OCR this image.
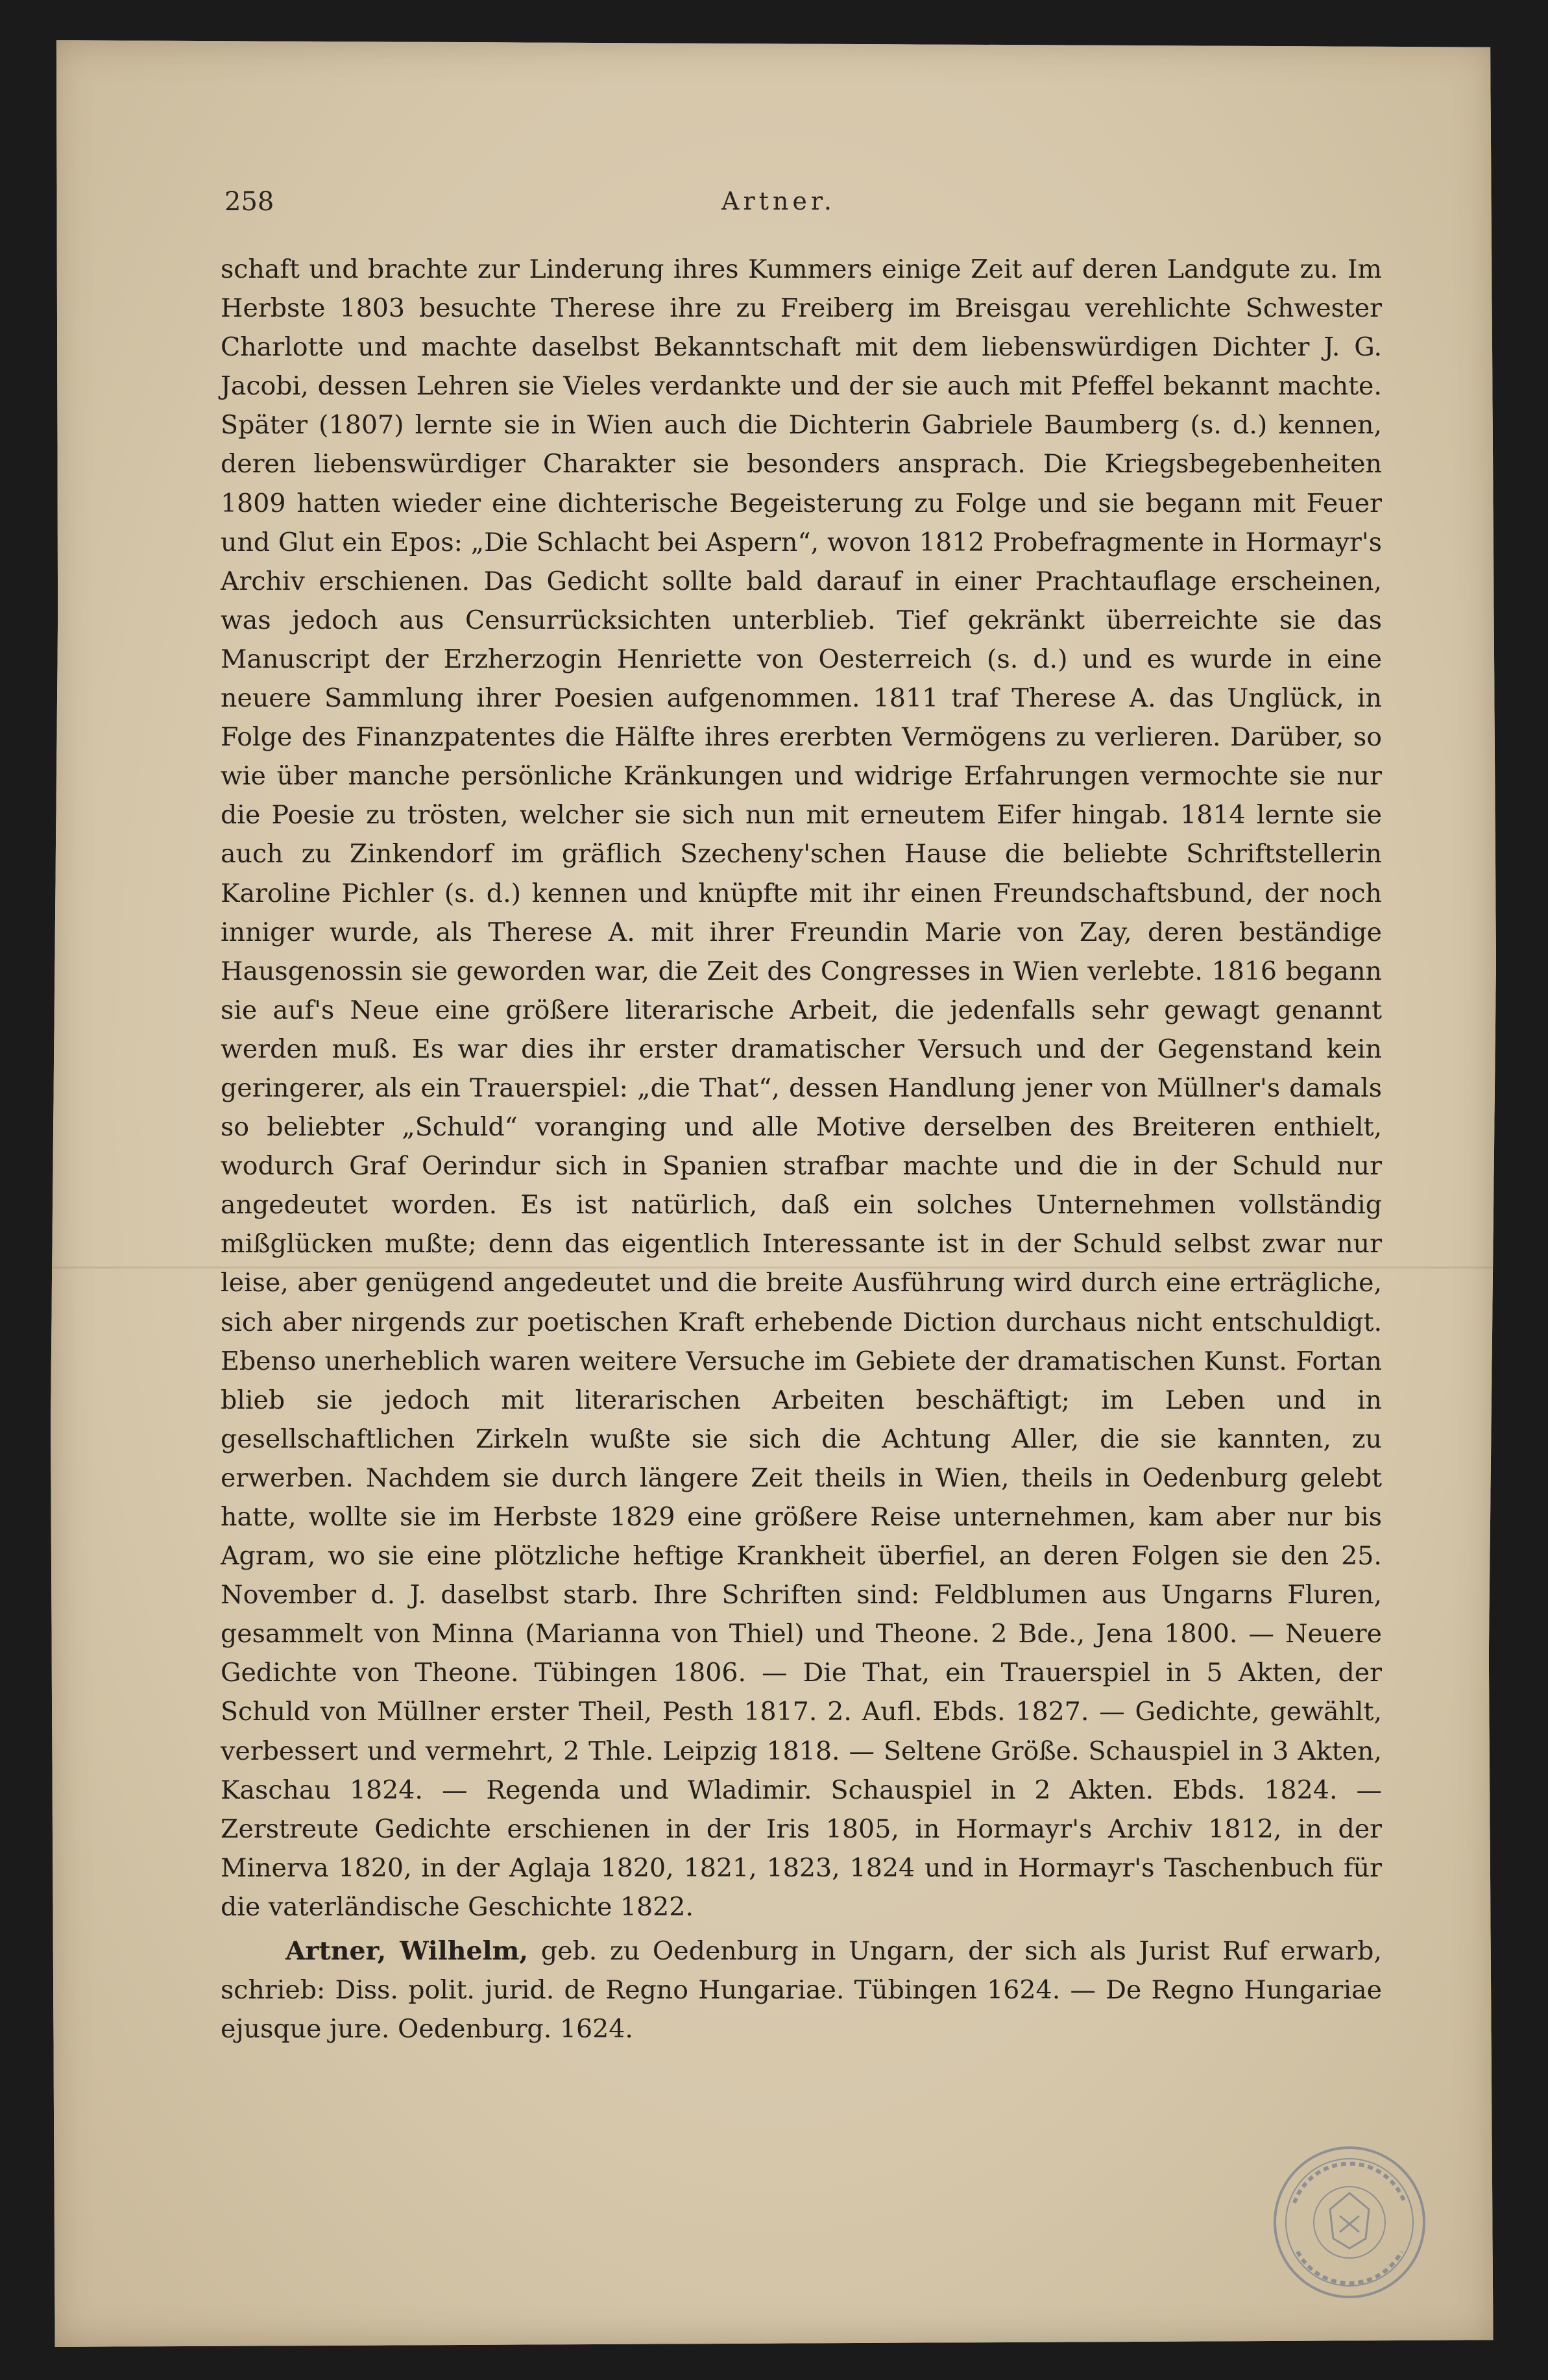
258	Artner.

schaft und brachte zur Linderung ihres Kummers einige Zeit auf deren Landgute zu. Im Herbste 1803 besuchte Therese ihre zu Freiberg im Breisgau verehlichte Schwester Charlotte und machte daselbst Bekanntschaft mit dem liebenswürdigen Dichter J. G. Jacobi, dessen Lehren sie Vieles verdankte und der sie auch mit Pfeffel bekannt machte. Später (1807) lernte sie in Wien auch die Dichterin Gabriele Baumberg (s. d.) kennen, deren liebenswürdiger Charakter sie besonders ansprach. Die Kriegsbegebenheiten 1809 hatten wieder eine dichterische Begeisterung zu Folge und sie begann mit Feuer und Glut ein Epos: „Die Schlacht bei Aspern“, wovon 1812 Probefragmente in Hormayr's Archiv erschienen. Das Gedicht sollte bald darauf in einer Prachtauflage erscheinen, was jedoch aus Censurrücksichten unterblieb. Tief gekränkt überreichte sie das Manuscript der Erzherzogin Henriette von Oesterreich (s. d.) und es wurde in eine neuere Sammlung ihrer Poesien aufgenommen. 1811 traf Therese A. das Unglück, in Folge des Finanzpatentes die Hälfte ihres ererbten Vermögens zu verlieren. Darüber, so wie über manche persönliche Kränkungen und widrige Erfahrungen vermochte sie nur die Poesie zu trösten, welcher sie sich nun mit erneutem Eifer hingab. 1814 lernte sie auch zu Zinkendorf im gräflich Szecheny'schen Hause die beliebte Schriftstellerin Karoline Pichler (s. d.) kennen und knüpfte mit ihr einen Freundschaftsbund, der noch inniger wurde, als Therese A. mit ihrer Freundin Marie von Zay, deren beständige Hausgenossin sie geworden war, die Zeit des Congresses in Wien verlebte. 1816 begann sie auf's Neue eine größere literarische Arbeit, die jedenfalls sehr gewagt genannt werden muß. Es war dies ihr erster dramatischer Versuch und der Gegenstand kein geringerer, als ein Trauerspiel: „die That“, dessen Handlung jener von Müllner's damals so beliebter „Schuld“ voranging und alle Motive derselben des Breiteren enthielt, wodurch Graf Oerindur sich in Spanien strafbar machte und die in der Schuld nur angedeutet worden. Es ist natürlich, daß ein solches Unternehmen vollständig mißglücken mußte; denn das eigentlich Interessante ist in der Schuld selbst zwar nur leise, aber genügend angedeutet und die breite Ausführung wird durch eine erträgliche, sich aber nirgends zur poetischen Kraft erhebende Diction durchaus nicht entschuldigt. Ebenso unerheblich waren weitere Versuche im Gebiete der dramatischen Kunst. Fortan blieb sie jedoch mit literarischen Arbeiten beschäftigt; im Leben und in gesellschaftlichen Zirkeln wußte sie sich die Achtung Aller, die sie kannten, zu erwerben. Nachdem sie durch längere Zeit theils in Wien, theils in Oedenburg gelebt hatte, wollte sie im Herbste 1829 eine größere Reise unternehmen, kam aber nur bis Agram, wo sie eine plötzliche heftige Krankheit überfiel, an deren Folgen sie den 25. November d. J. daselbst starb. Ihre Schriften sind: Feldblumen aus Ungarns Fluren, gesammelt von Minna (Marianna von Thiel) und Theone. 2 Bde., Jena 1800. — Neuere Gedichte von Theone. Tübingen 1806. — Die That, ein Trauerspiel in 5 Akten, der Schuld von Müllner erster Theil, Pesth 1817. 2. Aufl. Ebds. 1827. — Gedichte, gewählt, verbessert und vermehrt, 2 Thle. Leipzig 1818. — Seltene Größe. Schauspiel in 3 Akten, Kaschau 1824. — Regenda und Wladimir. Schauspiel in 2 Akten. Ebds. 1824. — Zerstreute Gedichte erschienen in der Iris 1805, in Hormayr's Archiv 1812, in der Minerva 1820, in der Aglaja 1820, 1821, 1823, 1824 und in Hormayr's Taschenbuch für die vaterländische Geschichte 1822.

Artner, Wilhelm, geb. zu Oedenburg in Ungarn, der sich als Jurist Ruf erwarb, schrieb: Diss. polit. jurid. de Regno Hungariae. Tübingen 1624. — De Regno Hungariae ejusque jure. Oedenburg. 1624.
